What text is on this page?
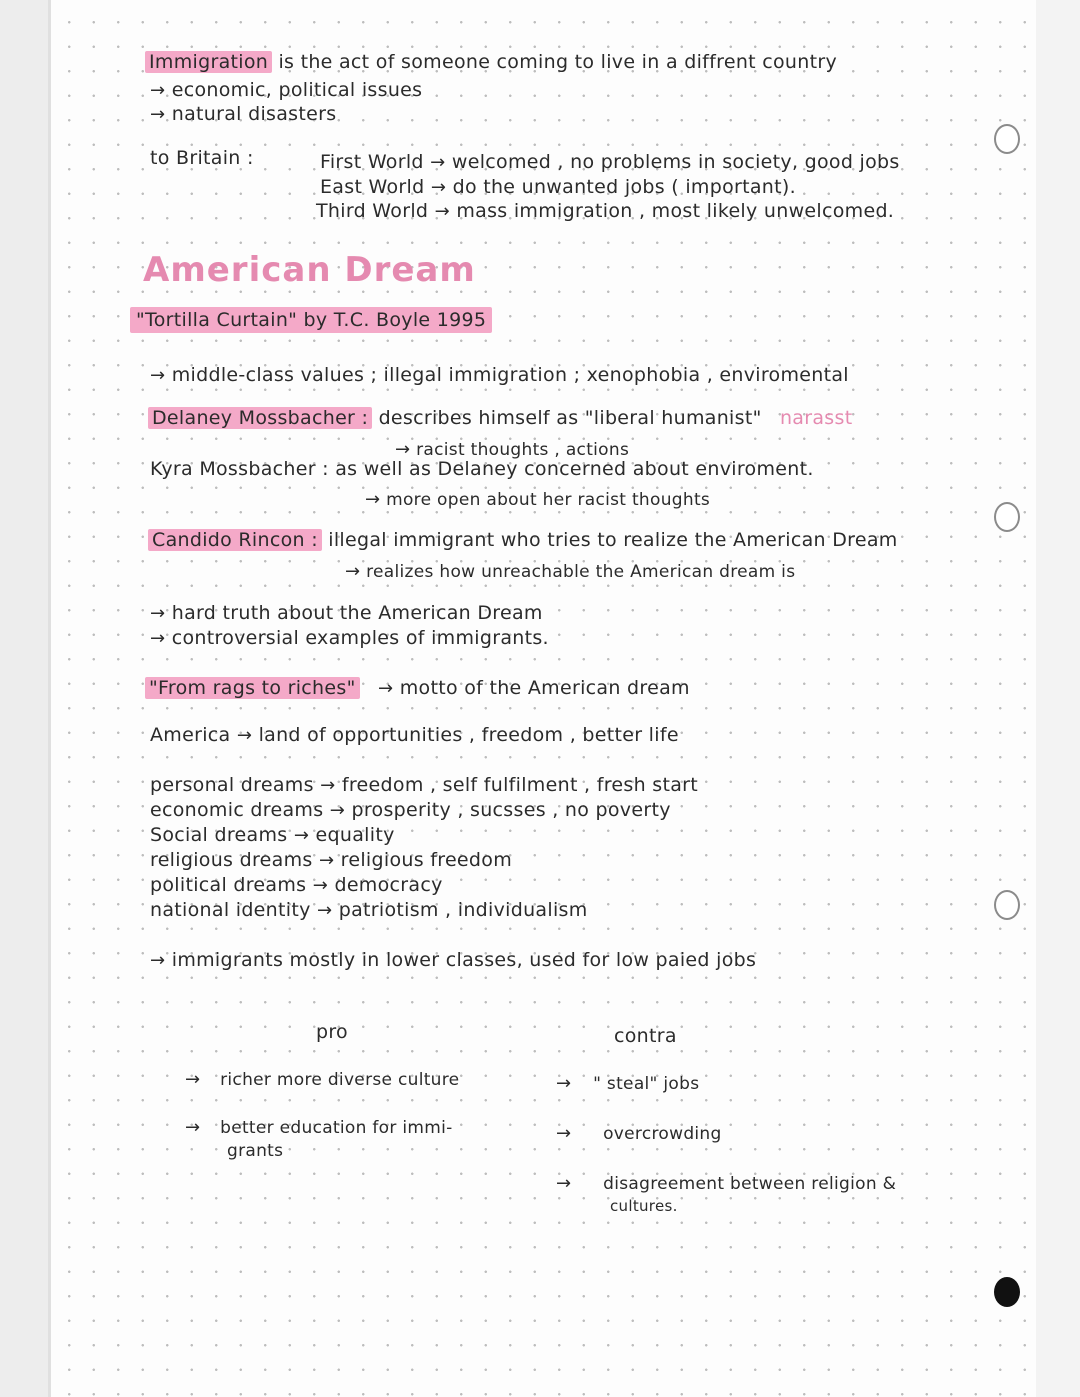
Immigration is the act of someone coming to live in a diffrent country
→ economic, political issues
→ natural disasters
to Britain :	First World → welcomed , no problems in society, good jobs
East World → do the unwanted jobs ( important).
Third World → mass immigration , most likely unwelcomed.
American Dream
"Tortilla Curtain" by T.C. Boyle 1995
→ middle-class values ; illegal immigration ; xenophobia , enviromental
Delaney Mossbacher : describes himself as "liberal humanist" narasst
→ racist thoughts , actions
Kyra Mossbacher : as well as Delaney concerned about enviroment.
→ more open about her racist thoughts
Candido Rincon : illegal immigrant who tries to realize the American Dream
→ realizes how unreachable the American dream is
→ hard truth about the American Dream
→ controversial examples of immigrants.
"From rags to riches" → motto of the American dream
America → land of opportunities , freedom , better life
personal dreams → freedom , self fulfilment , fresh start
economic dreams → prosperity , sucsses , no poverty
Social dreams → equality
religious dreams → religious freedom
political dreams → democracy
national identity → patriotism , individualism
→ immigrants mostly in lower classes, used for low paied jobs
pro	contra
→ richer more diverse culture
→ better education for immi-
grants
→ " steal" jobs
→ overcrowding
→ disagreement between religion &
cultures.
